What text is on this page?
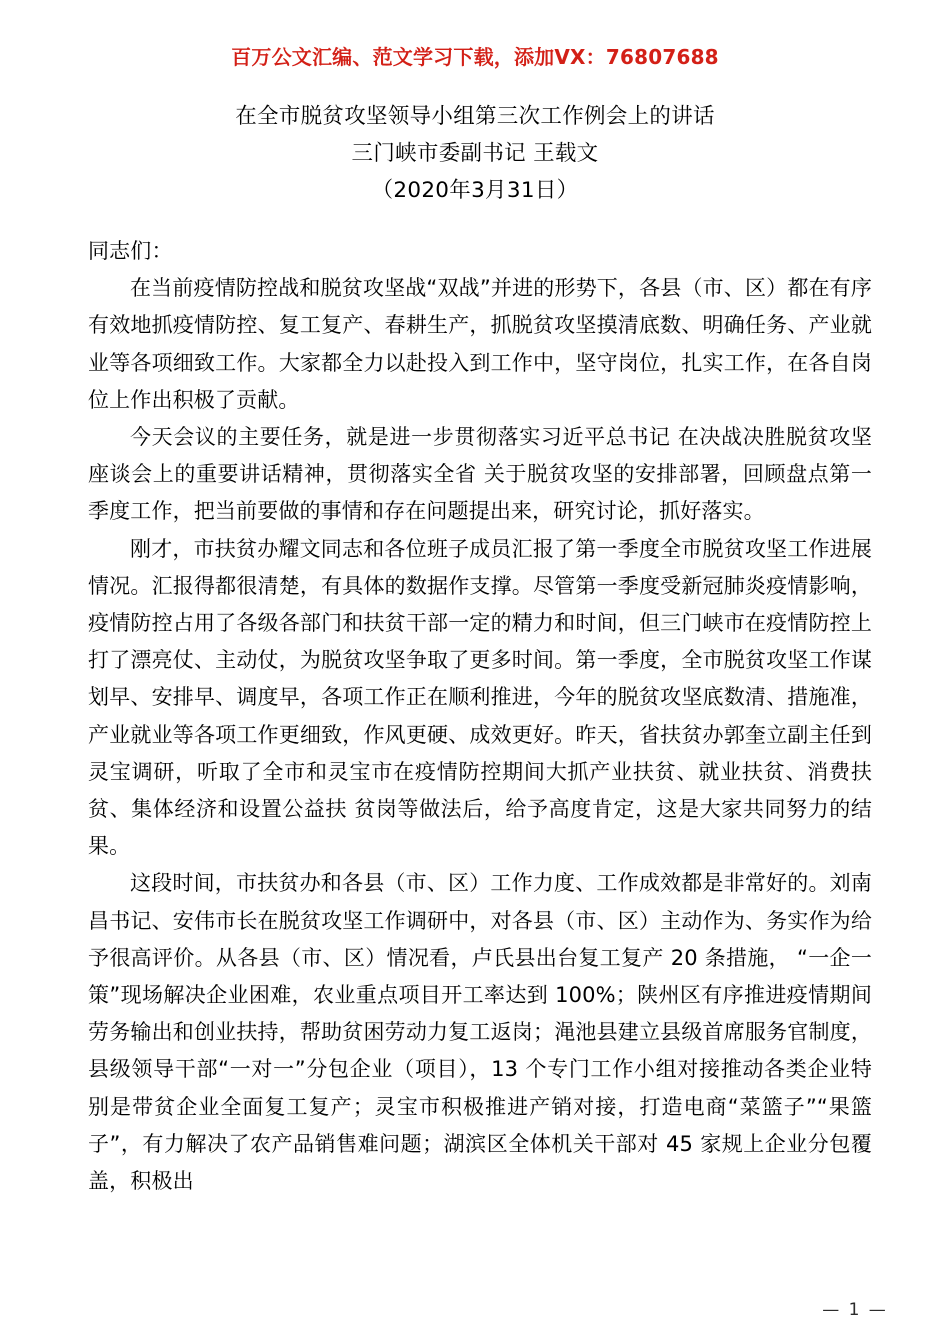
百万公文汇编、范文学习下载，添加VX：76807688
在全市脱贫攻坚领导小组第三次工作例会上的讲话
三门峡市委副书记 王载文
（2020年3月31日）

同志们：

在当前疫情防控战和脱贫攻坚战“双战”并进的形势下，各县（市、区）都在有序有效地抓疫情防控、复工复产、春耕生产，抓脱贫攻坚摸清底数、明确任务、产业就业等各项细致工作。大家都全力以赴投入到工作中，坚守岗位，扎实工作，在各自岗位上作出积极了贡献。

今天会议的主要任务，就是进一步贯彻落实习近平总书记 在决战决胜脱贫攻坚座谈会上的重要讲话精神，贯彻落实全省 关于脱贫攻坚的安排部署，回顾盘点第一季度工作，把当前要做的事情和存在问题提出来，研究讨论，抓好落实。

刚才，市扶贫办耀文同志和各位班子成员汇报了第一季度全市脱贫攻坚工作进展情况。汇报得都很清楚，有具体的数据作支撑。尽管第一季度受新冠肺炎疫情影响，疫情防控占用了各级各部门和扶贫干部一定的精力和时间，但三门峡市在疫情防控上打了漂亮仗、主动仗，为脱贫攻坚争取了更多时间。第一季度，全市脱贫攻坚工作谋划早、安排早、调度早，各项工作正在顺利推进，今年的脱贫攻坚底数清、措施准，产业就业等各项工作更细致，作风更硬、成效更好。昨天，省扶贫办郭奎立副主任到灵宝调研，听取了全市和灵宝市在疫情防控期间大抓产业扶贫、就业扶贫、消费扶贫、集体经济和设置公益扶 贫岗等做法后，给予高度肯定，这是大家共同努力的结果。

这段时间，市扶贫办和各县（市、区）工作力度、工作成效都是非常好的。刘南昌书记、安伟市长在脱贫攻坚工作调研中，对各县（市、区）主动作为、务实作为给予很高评价。从各县（市、区）情况看，卢氏县出台复工复产 20 条措施， “一企一策”现场解决企业困难，农业重点项目开工率达到 100%；陕州区有序推进疫情期间劳务输出和创业扶持，帮助贫困劳动力复工返岗；渑池县建立县级首席服务官制度，县级领导干部“一对一”分包企业（项目），13 个专门工作小组对接推动各类企业特别是带贫企业全面复工复产；灵宝市积极推进产销对接，打造电商“菜篮子”“果篮子”，有力解决了农产品销售难问题；湖滨区全体机关干部对 45 家规上企业分包覆盖，积极出

— 1 —
